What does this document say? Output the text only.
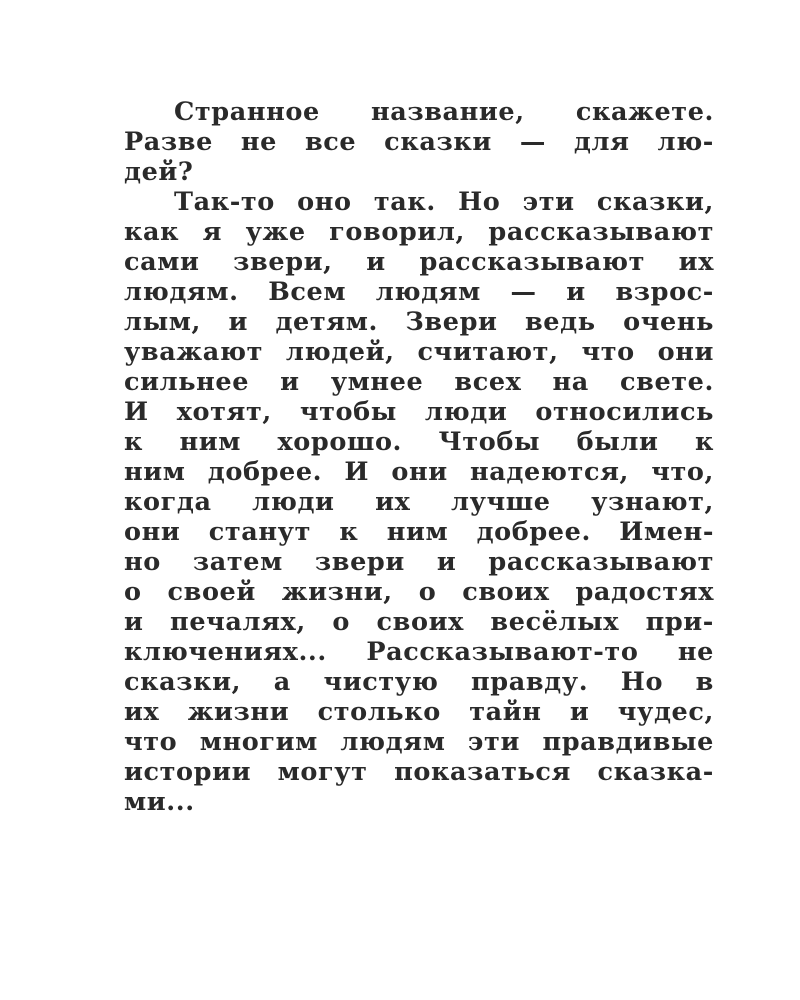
Странное название, скажете.
Разве не все сказки — для лю-
дей?
Так-то оно так. Но эти сказки,
как я уже говорил, рассказывают
сами звери, и рассказывают их
людям. Всем людям — и взрос-
лым, и детям. Звери ведь очень
уважают людей, считают, что они
сильнее и умнее всех на свете.
И хотят, чтобы люди относились
к ним хорошо. Чтобы были к
ним добрее. И они надеются, что,
когда люди их лучше узнают,
они станут к ним добрее. Имен-
но затем звери и рассказывают
о своей жизни, о своих радостях
и печалях, о своих весёлых при-
ключениях... Рассказывают-то не
сказки, а чистую правду. Но в
их жизни столько тайн и чудес,
что многим людям эти правдивые
истории могут показаться сказка-
ми...
